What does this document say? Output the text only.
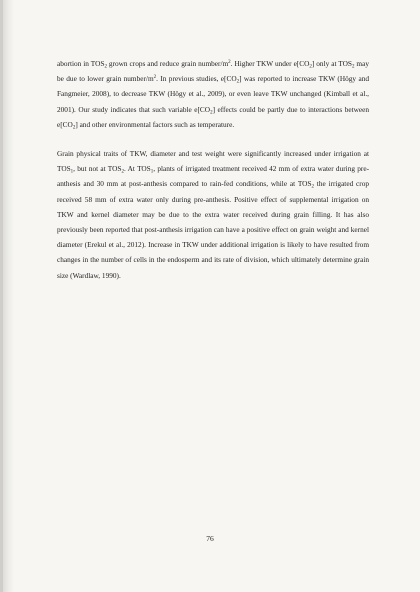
abortion in $TOS_2$ grown crops and reduce grain number/$m^2$. Higher TKW under $e[CO_2]$ only at $TOS_2$ may be due to lower grain number/$m^2$. In previous studies, $e[CO_2]$ was reported to increase TKW (Högy and Fangmeier, 2008), to decrease TKW (Högy et al., 2009), or even leave TKW unchanged (Kimball et al., 2001). Our study indicates that such variable $e[CO_2]$ effects could be partly due to interactions between $e[CO_2]$ and other environmental factors such as temperature.

Grain physical traits of TKW, diameter and test weight were significantly increased under irrigation at $TOS_1$, but not at $TOS_2$. At $TOS_1$, plants of irrigated treatment received 42 mm of extra water during pre-anthesis and 30 mm at post-anthesis compared to rain-fed conditions, while at $TOS_2$ the irrigated crop received 58 mm of extra water only during pre-anthesis. Positive effect of supplemental irrigation on TKW and kernel diameter may be due to the extra water received during grain filling. It has also previously been reported that post-anthesis irrigation can have a positive effect on grain weight and kernel diameter (Erekul et al., 2012). Increase in TKW under additional irrigation is likely to have resulted from changes in the number of cells in the endosperm and its rate of division, which ultimately determine grain size (Wardlaw, 1990).

76
